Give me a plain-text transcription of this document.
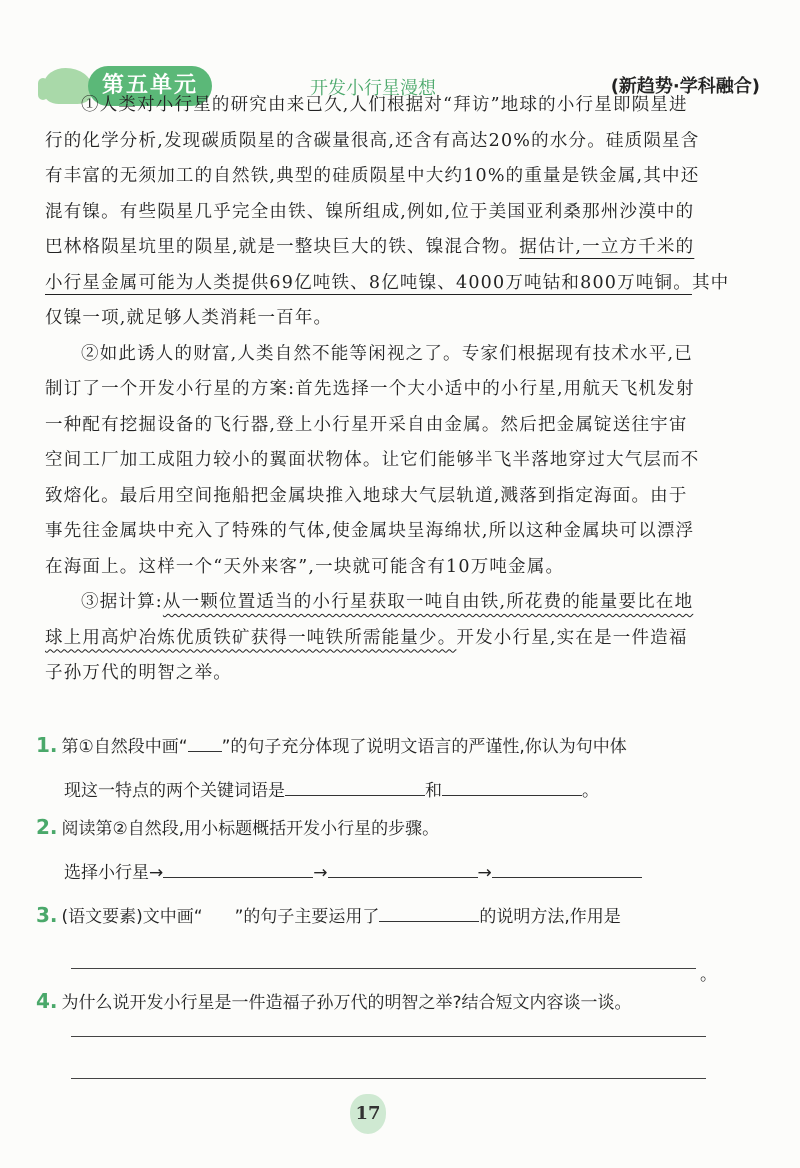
第五单元	开发小行星漫想	(新趋势·学科融合)
①人类对小行星的研究由来已久,人们根据对“拜访”地球的小行星即陨星进
行的化学分析,发现碳质陨星的含碳量很高,还含有高达20%的水分。硅质陨星含
有丰富的无须加工的自然铁,典型的硅质陨星中大约10%的重量是铁金属,其中还
混有镍。有些陨星几乎完全由铁、镍所组成,例如,位于美国亚利桑那州沙漠中的
巴林格陨星坑里的陨星,就是一整块巨大的铁、镍混合物。据估计,一立方千米的
小行星金属可能为人类提供69亿吨铁、8亿吨镍、4000万吨钴和800万吨铜。其中
仅镍一项,就足够人类消耗一百年。
②如此诱人的财富,人类自然不能等闲视之了。专家们根据现有技术水平,已
制订了一个开发小行星的方案:首先选择一个大小适中的小行星,用航天飞机发射
一种配有挖掘设备的飞行器,登上小行星开采自由金属。然后把金属锭送往宇宙
空间工厂加工成阻力较小的翼面状物体。让它们能够半飞半落地穿过大气层而不
致熔化。最后用空间拖船把金属块推入地球大气层轨道,溅落到指定海面。由于
事先往金属块中充入了特殊的气体,使金属块呈海绵状,所以这种金属块可以漂浮
在海面上。这样一个“天外来客”,一块就可能含有10万吨金属。
③据计算:从一颗位置适当的小行星获取一吨自由铁,所花费的能量要比在地
球上用高炉冶炼优质铁矿获得一吨铁所需能量少。开发小行星,实在是一件造福
子孙万代的明智之举。
1. 第①自然段中画“ ”的句子充分体现了说明文语言的严谨性,你认为句中体
现这一特点的两个关键词语是	和	。
2. 阅读第②自然段,用小标题概括开发小行星的步骤。
选择小行星→	→	→
3. (语文要素)文中画“ ”的句子主要运用了	的说明方法,作用是
。
4. 为什么说开发小行星是一件造福子孙万代的明智之举?结合短文内容谈一谈。
17
